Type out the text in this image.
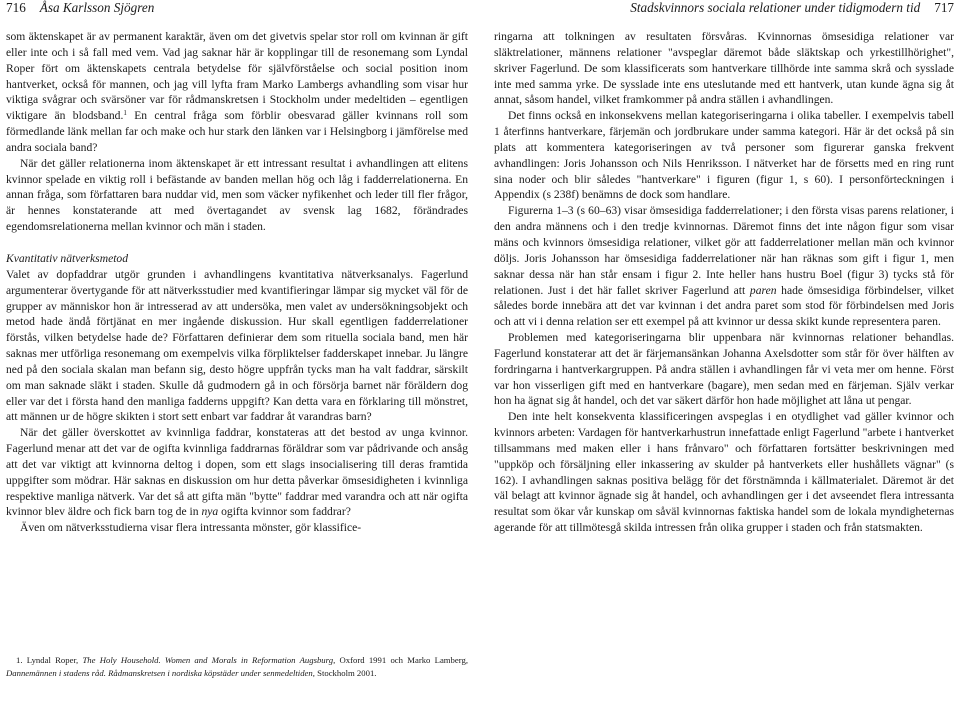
716 Åsa Karlsson Sjögren

som äktenskapet är av permanent karaktär, även om det givetvis spelar stor roll om kvinnan är gift eller inte och i så fall med vem. Vad jag saknar här är kopplingar till de resonemang som Lyndal Roper fört om äktenskapets centrala betydelse för självförståelse och social position inom hantverket, också för mannen, och jag vill lyfta fram Marko Lambergs avhandling som visar hur viktiga svågrar och svärsöner var för rådmanskretsen i Stockholm under medeltiden – egentligen viktigare än blodsband.$^1$ En central fråga som förblir obesvarad gäller kvinnans roll som förmedlande länk mellan far och make och hur stark den länken var i Helsingborg i jämförelse med andra sociala band?

När det gäller relationerna inom äktenskapet är ett intressant resultat i avhandlingen att elitens kvinnor spelade en viktig roll i befästande av banden mellan hög och låg i fadderrelationerna. En annan fråga, som författaren bara nuddar vid, men som väcker nyfikenhet och leder till fler frågor, är hennes konstaterande att med övertagandet av svensk lag 1682, förändrades egendomsrelationerna mellan kvinnor och män i staden.

Kvantitativ nätverksmetod

Valet av dopfaddrar utgör grunden i avhandlingens kvantitativa nätverksanalys. Fagerlund argumenterar övertygande för att nätverksstudier med kvantifieringar lämpar sig mycket väl för de grupper av människor hon är intresserad av att undersöka, men valet av undersökningsobjekt och metod hade ändå förtjänat en mer ingående diskussion. Hur skall egentligen fadderrelationer förstås, vilken betydelse hade de? Författaren definierar dem som rituella sociala band, men här saknas mer utförliga resonemang om exempelvis vilka förpliktelser fadderskapet innebar. Ju längre ned på den sociala skalan man befann sig, desto högre uppfrån tycks man ha valt faddrar, särskilt om man saknade släkt i staden. Skulle då gudmodern gå in och försörja barnet när föräldern dog eller var det i första hand den manliga fadderns uppgift? Kan detta vara en förklaring till mönstret, att männen ur de högre skikten i stort sett enbart var faddrar åt varandras barn?

När det gäller överskottet av kvinnliga faddrar, konstateras att det bestod av unga kvinnor. Fagerlund menar att det var de ogifta kvinnliga faddrarnas föräldrar som var pådrivande och ansåg att det var viktigt att kvinnorna deltog i dopen, som ett slags insocialisering till deras framtida uppgifter som mödrar. Här saknas en diskussion om hur detta påverkar ömsesidigheten i kvinnliga respektive manliga nätverk. Var det så att gifta män "bytte" faddrar med varandra och att när ogifta kvinnor blev äldre och fick barn tog de in nya ogifta kvinnor som faddrar?

Även om nätverksstudierna visar flera intressanta mönster, gör klassifice-

1. Lyndal Roper, The Holy Household. Women and Morals in Reformation Augsburg, Oxford 1991 och Marko Lamberg, Dannemännen i stadens råd. Rådmanskretsen i nordiska köpstäder under senmedeltiden, Stockholm 2001.

Stadskvinnors sociala relationer under tidigmodern tid 717

ringarna att tolkningen av resultaten försvåras. Kvinnornas ömsesidiga relationer var släktrelationer, männens relationer "avspeglar däremot både släktskap och yrkestillhörighet", skriver Fagerlund. De som klassificerats som hantverkare tillhörde inte samma skrå och sysslade inte med samma yrke. De sysslade inte ens uteslutande med ett hantverk, utan kunde ägna sig åt annat, såsom handel, vilket framkommer på andra ställen i avhandlingen.

Det finns också en inkonsekvens mellan kategoriseringarna i olika tabeller. I exempelvis tabell 1 återfinns hantverkare, färjemän och jordbrukare under samma kategori. Här är det också på sin plats att kommentera kategoriseringen av två personer som figurerar ganska frekvent avhandlingen: Joris Johansson och Nils Henriksson. I nätverket har de försetts med en ring runt sina noder och blir således "hantverkare" i figuren (figur 1, s 60). I personförteckningen i Appendix (s 238f) benämns de dock som handlare.

Figurerna 1–3 (s 60–63) visar ömsesidiga fadderrelationer; i den första visas parens relationer, i den andra männens och i den tredje kvinnornas. Däremot finns det inte någon figur som visar mäns och kvinnors ömsesidiga relationer, vilket gör att fadderrelationer mellan män och kvinnor döljs. Joris Johansson har ömsesidiga fadderrelationer när han räknas som gift i figur 1, men saknar dessa när han står ensam i figur 2. Inte heller hans hustru Boel (figur 3) tycks stå för relationen. Just i det här fallet skriver Fagerlund att paren hade ömsesidiga förbindelser, vilket således borde innebära att det var kvinnan i det andra paret som stod för förbindelsen med Joris och att vi i denna relation ser ett exempel på att kvinnor ur dessa skikt kunde representera paren.

Problemen med kategoriseringarna blir uppenbara när kvinnornas relationer behandlas. Fagerlund konstaterar att det är färjemansänkan Johanna Axelsdotter som står för över hälften av fordringarna i hantverkargruppen. På andra ställen i avhandlingen får vi veta mer om henne. Först var hon visserligen gift med en hantverkare (bagare), men sedan med en färjeman. Själv verkar hon ha ägnat sig åt handel, och det var säkert därför hon hade möjlighet att låna ut pengar.

Den inte helt konsekventa klassificeringen avspeglas i en otydlighet vad gäller kvinnor och kvinnors arbeten: Vardagen för hantverkarhustrun innefattade enligt Fagerlund "arbete i hantverket tillsammans med maken eller i hans frånvaro" och författaren fortsätter beskrivningen med "uppköp och försäljning eller inkassering av skulder på hantverkets eller hushållets vägnar" (s 162). I avhandlingen saknas positiva belägg för det förstnämnda i källmaterialet. Däremot är det väl belagt att kvinnor ägnade sig åt handel, och avhandlingen ger i det avseendet flera intressanta resultat som ökar vår kunskap om såväl kvinnornas faktiska handel som de lokala myndigheternas agerande för att tillmötesgå skilda intressen från olika grupper i staden och från statsmakten.
